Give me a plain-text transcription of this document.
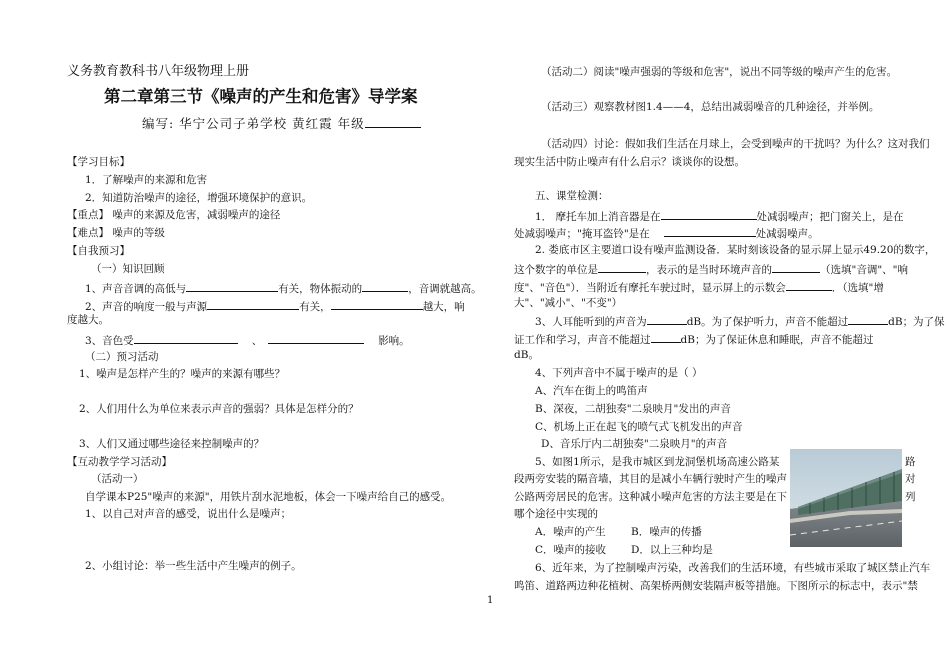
义务教育教科书八年级物理上册
第二章第三节《噪声的产生和危害》导学案
编写: 华宁公司子弟学校 黄红霞 年级
【学习目标】
1．了解噪声的来源和危害
2．知道防治噪声的途径，增强环境保护的意识。
【重点】 噪声的来源及危害，减弱噪声的途径
【难点】 噪声的等级
【自我预习】
（一）知识回顾
1、声音音调的高低与	有关，物体振动的	，音调就越高。
2、声音的响度一般与声源	有关，	越大，响
度越大。
3、音色受	、	影响。
（二）预习活动
1、噪声是怎样产生的？噪声的来源有哪些？
2、人们用什么为单位来表示声音的强弱？具体是怎样分的？
3、人们又通过哪些途径来控制噪声的？
【互动教学学习活动】
（活动一）
自学课本P25"噪声的来源"，用铁片刮水泥地板，体会一下噪声给自己的感受。
1、以自己对声音的感受，说出什么是噪声；
2、小组讨论：举一些生活中产生噪声的例子。
（活动二）阅读"噪声强弱的等级和危害"，说出不同等级的噪声产生的危害。
（活动三）观察教材图1.4——4，总结出减弱噪音的几种途径，并举例。
（活动四）讨论：假如我们生活在月球上，会受到噪声的干扰吗？为什么？这对我们
现实生活中防止噪声有什么启示？谈谈你的设想。
五、课堂检测：
1． 摩托车加上消音器是在	处减弱噪声；把门窗关上，是在
处减弱噪声；"掩耳盗铃"是在	处减弱噪声。
2. 娄底市区主要道口设有噪声监测设备．某时刻该设备的显示屏上显示49.20的数字，
这个数字的单位是	，表示的是当时环境声音的	（选填"音调"、"响
度"、"音色"）．当附近有摩托车驶过时，显示屏上的示数会	．（选填"增
大"、"减小"、"不变"）
3、人耳能听到的声音为	dB。为了保护听力，声音不能超过	dB；为了保
证工作和学习，声音不能超过	dB；为了保证休息和睡眠，声音不能超过
dB。
4、下列声音中不属于噪声的是（ ）
A、汽车在街上的鸣笛声
B、深夜，二胡独奏"二泉映月"发出的声音
C、机场上正在起飞的喷气式飞机发出的声音
D、音乐厅内二胡独奏"二泉映月"的声音
5、如图1所示，是我市城区到龙洞堡机场高速公路某	路
段两旁安装的隔音墙，其目的是减小车辆行驶时产生的噪声	对
公路两旁居民的危害。这种减小噪声危害的方法主要是在下	列
哪个途径中实现的
A．噪声的产生 B．噪声的传播
C．噪声的接收 D．以上三种均是
6、近年来，为了控制噪声污染，改善我们的生活环境，有些城市采取了城区禁止汽车
鸣笛、道路两边种花植树、高架桥两侧安装隔声板等措施。下图所示的标志中，表示"禁
1
